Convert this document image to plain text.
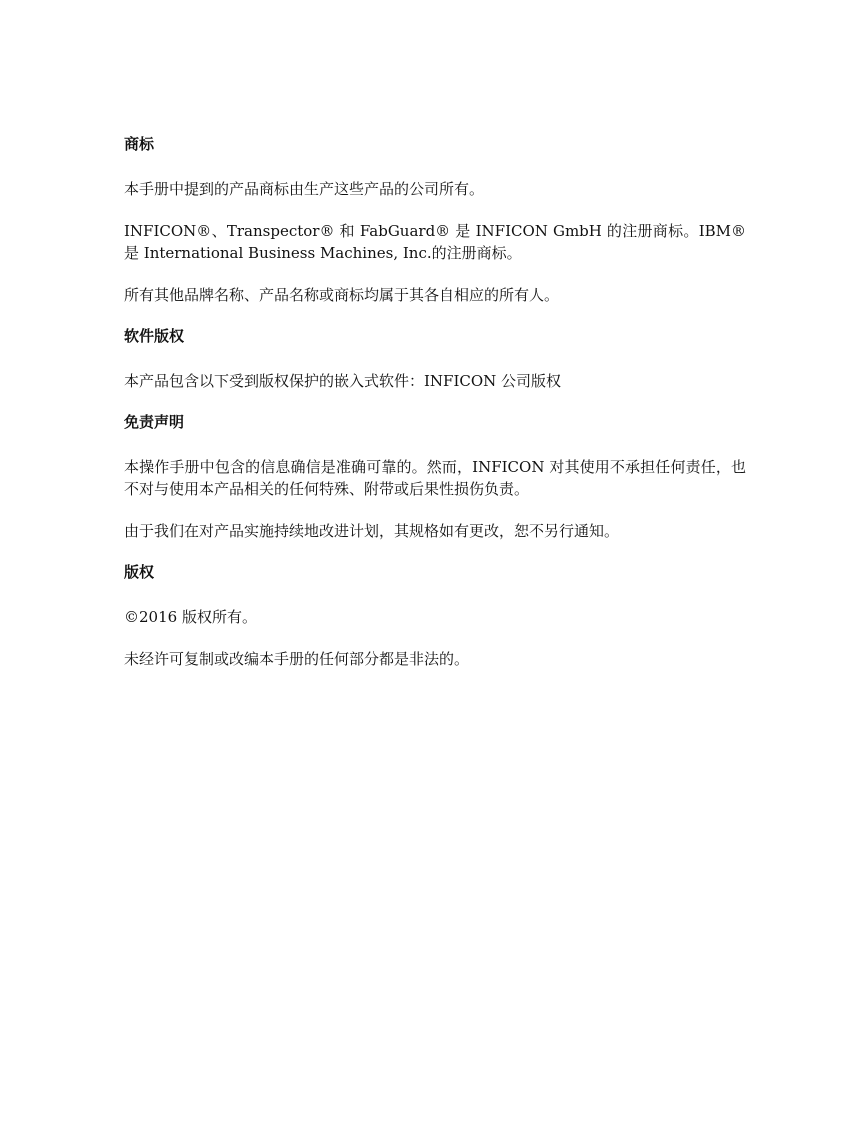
商标

本手册中提到的产品商标由生产这些产品的公司所有。

INFICON®、Transpector® 和 FabGuard® 是 INFICON GmbH 的注册商标。IBM® 是 International Business Machines, Inc.的注册商标。

所有其他品牌名称、产品名称或商标均属于其各自相应的所有人。

软件版权

本产品包含以下受到版权保护的嵌入式软件：INFICON 公司版权

免责声明

本操作手册中包含的信息确信是准确可靠的。然而，INFICON 对其使用不承担任何责任，也不对与使用本产品相关的任何特殊、附带或后果性损伤负责。

由于我们在对产品实施持续地改进计划，其规格如有更改，恕不另行通知。

版权

©2016 版权所有。

未经许可复制或改编本手册的任何部分都是非法的。
